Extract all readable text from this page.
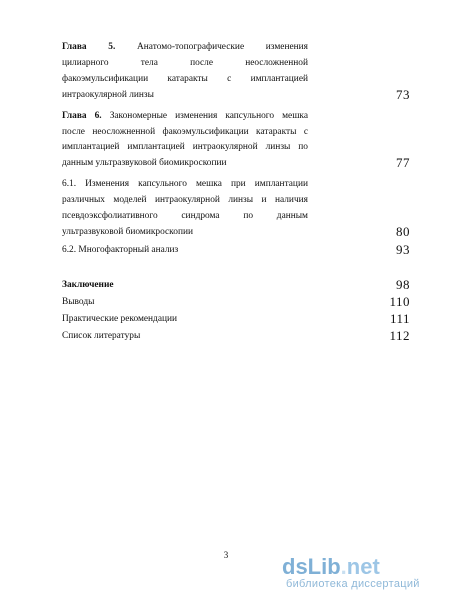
Глава 5. Анатомо-топографические изменения
цилиарного тела после неосложненной
факоэмульсификации катаракты с имплантацией
интраокулярной линзы	73
Глава 6. Закономерные изменения капсульного мешка
после неосложненной факоэмульсификации катаракты с
имплантацией имплантацией интраокулярной линзы по
данным ультразвуковой биомикроскопии	77
6.1. Изменения капсульного мешка при имплантации
различных моделей интраокулярной линзы и наличия
псевдоэксфолиативного синдрома по данным
ультразвуковой биомикроскопии	80
6.2. Многофакторный анализ	93
Заключение	98
Выводы	110
Практические рекомендации	111
Список литературы	112
3 dsLib.net
библиотека диссертаций
